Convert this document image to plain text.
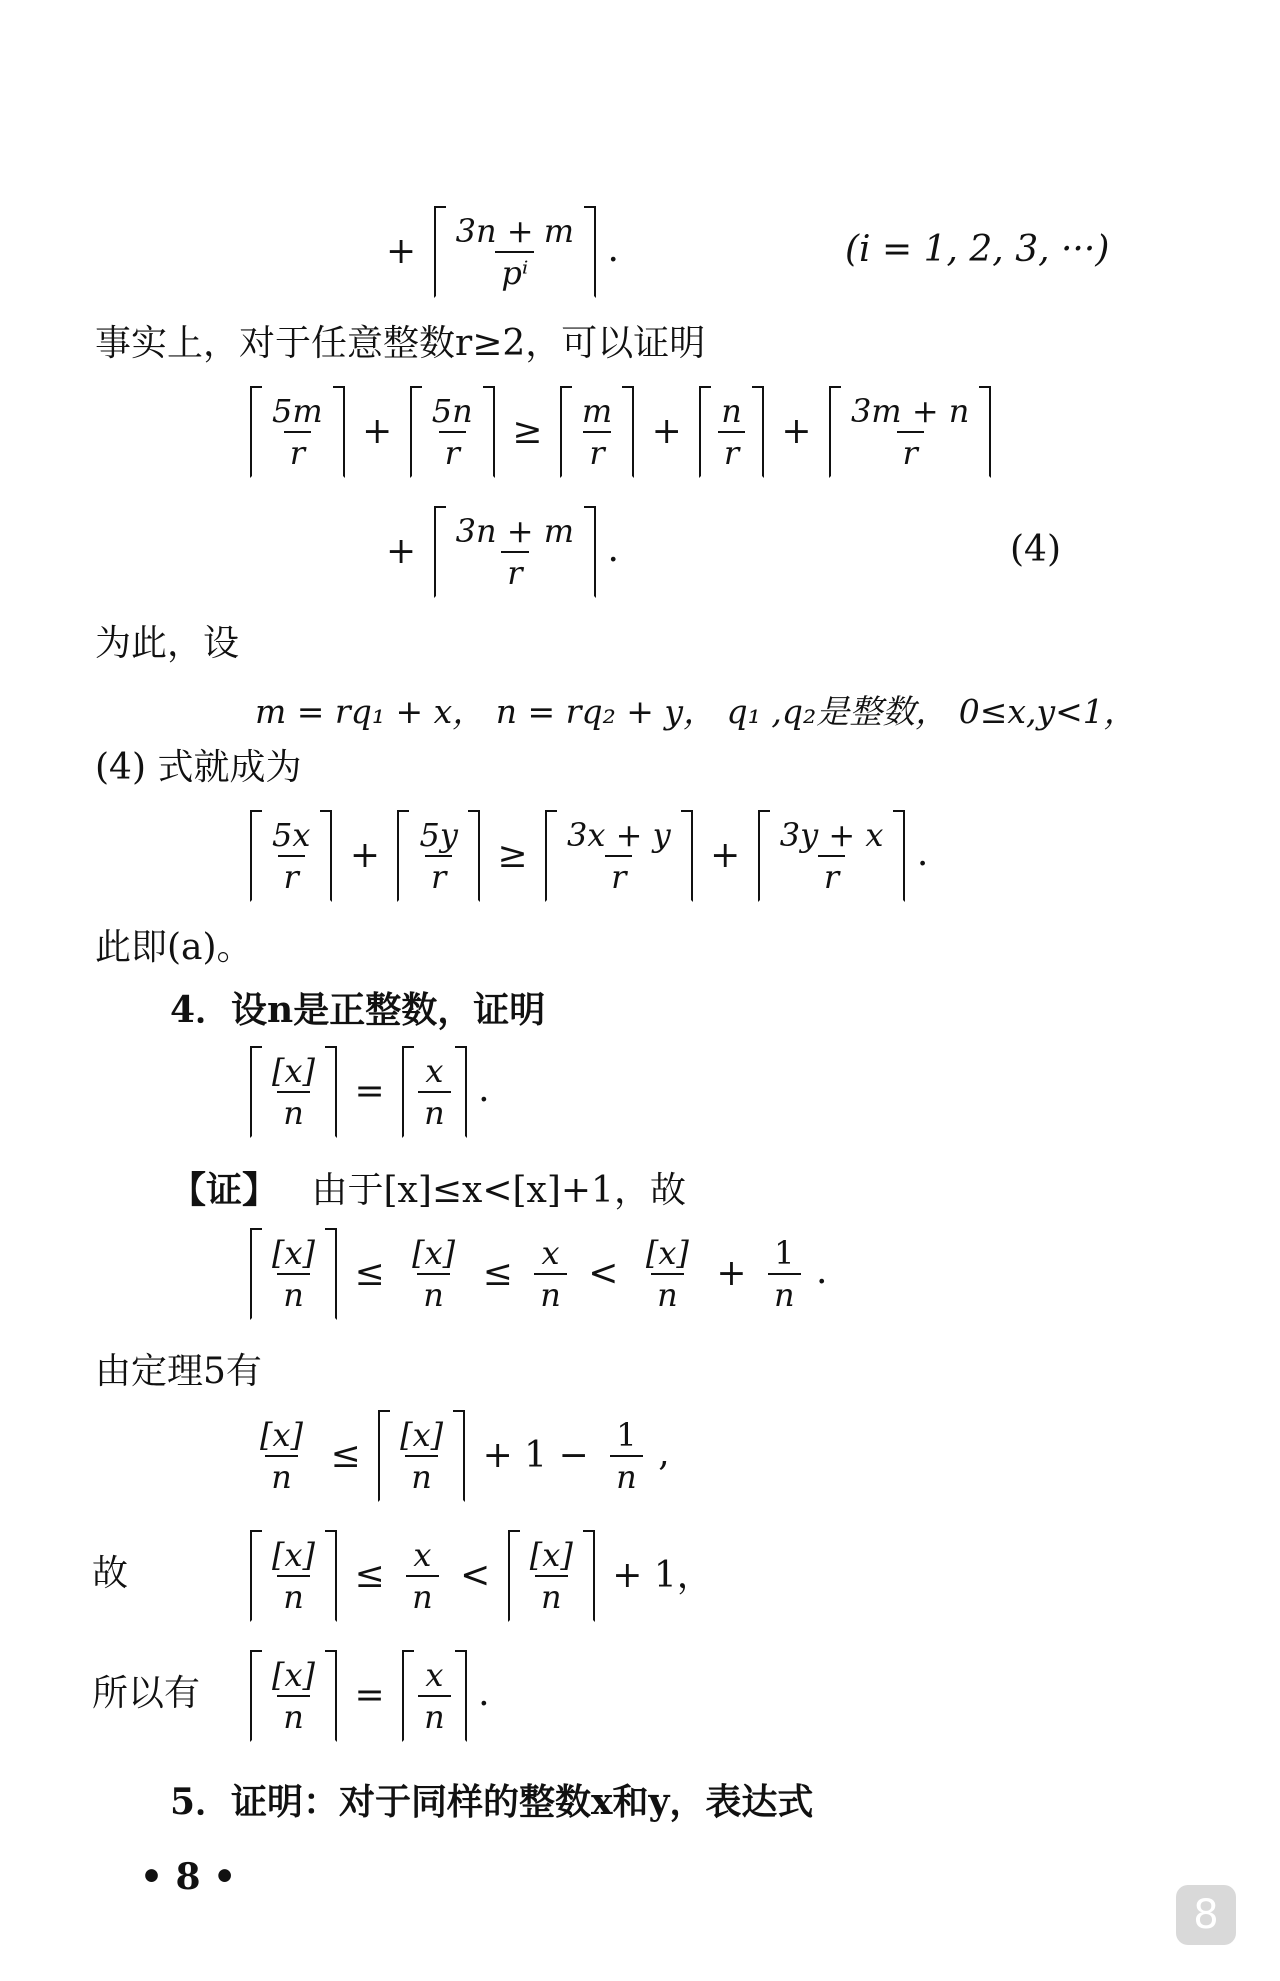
+ $\frac{3n + m}{\text{pⁱ}}$ .	(i = 1, 2, 3, ···)
事实上，对于任意整数r≥2，可以证明
$\frac{5m}{r} + \frac{5n}{r} \ge \frac{m}{r} + \frac{n}{r} + \frac{3m + n}{r}$
+ $\frac{3n + m}{r}$ .	(4)
为此，设
m = rq₁ + x， n = rq₂ + y， q₁ ,q₂是整数， 0≤x,y<1，
(4) 式就成为
$\frac{5x}{r} + \frac{5y}{r} \ge \frac{3x + y}{r} + \frac{3y + x}{r}$ .
此即(a)。
4．设n是正整数，证明
$\frac{[x]}{n} = \frac{x}{n}$ .
【证】 由于[x]≤x<[x]+1，故
$\frac{[x]}{n} \le \frac{[x]}{n} \le \frac{x}{n} < \frac{[x]}{n} + \frac{1}{n}$ .
由定理5有
$\frac{[x]}{n} \le \frac{[x]}{n} + 1 - \frac{1}{n}$ ,
故	$\frac{[x]}{n} \le \frac{x}{n} < \frac{[x]}{n} + 1$，
所以有 $\frac{[x]}{n} = \frac{x}{n}$ .
5．证明：对于同样的整数x和y，表达式
• 8 •
8
